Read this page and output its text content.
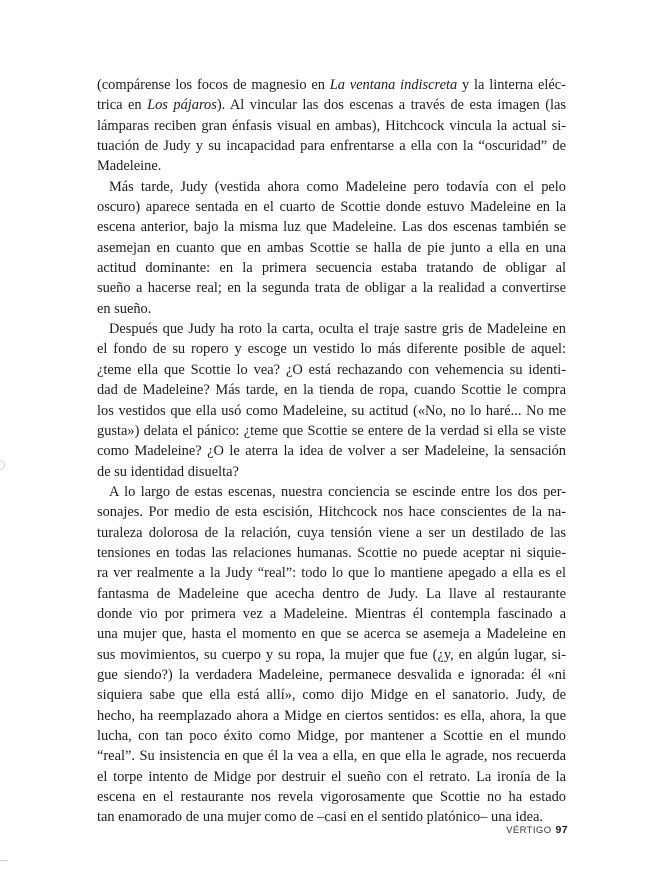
(compárense los focos de magnesio en La ventana indiscreta y la linterna eléc-
trica en Los pájaros). Al vincular las dos escenas a través de esta imagen (las
lámparas reciben gran énfasis visual en ambas), Hitchcock vincula la actual si-
tuación de Judy y su incapacidad para enfrentarse a ella con la “oscuridad” de
Madeleine.

Más tarde, Judy (vestida ahora como Madeleine pero todavía con el pelo
oscuro) aparece sentada en el cuarto de Scottie donde estuvo Madeleine en la
escena anterior, bajo la misma luz que Madeleine. Las dos escenas también se
asemejan en cuanto que en ambas Scottie se halla de pie junto a ella en una
actitud dominante: en la primera secuencia estaba tratando de obligar al
sueño a hacerse real; en la segunda trata de obligar a la realidad a convertirse
en sueño.

Después que Judy ha roto la carta, oculta el traje sastre gris de Madeleine en
el fondo de su ropero y escoge un vestido lo más diferente posible de aquel:
¿teme ella que Scottie lo vea? ¿O está rechazando con vehemencia su identi-
dad de Madeleine? Más tarde, en la tienda de ropa, cuando Scottie le compra
los vestidos que ella usó como Madeleine, su actitud («No, no lo haré... No me
gusta») delata el pánico: ¿teme que Scottie se entere de la verdad si ella se viste
como Madeleine? ¿O le aterra la idea de volver a ser Madeleine, la sensación
de su identidad disuelta?

A lo largo de estas escenas, nuestra conciencia se escinde entre los dos per-
sonajes. Por medio de esta escisión, Hitchcock nos hace conscientes de la na-
turaleza dolorosa de la relación, cuya tensión viene a ser un destilado de las
tensiones en todas las relaciones humanas. Scottie no puede aceptar ni siquie-
ra ver realmente a la Judy “real”: todo lo que lo mantiene apegado a ella es el
fantasma de Madeleine que acecha dentro de Judy. La llave al restaurante
donde vio por primera vez a Madeleine. Mientras él contempla fascinado a
una mujer que, hasta el momento en que se acerca se asemeja a Madeleine en
sus movimientos, su cuerpo y su ropa, la mujer que fue (¿y, en algún lugar, si-
gue siendo?) la verdadera Madeleine, permanece desvalida e ignorada: él «ni
siquiera sabe que ella está allí», como dijo Midge en el sanatorio. Judy, de
hecho, ha reemplazado ahora a Midge en ciertos sentidos: es ella, ahora, la que
lucha, con tan poco éxito como Midge, por mantener a Scottie en el mundo
“real”. Su insistencia en que él la vea a ella, en que ella le agrade, nos recuerda
el torpe intento de Midge por destruir el sueño con el retrato. La ironía de la
escena en el restaurante nos revela vigorosamente que Scottie no ha estado
tan enamorado de una mujer como de –casi en el sentido platónico– una idea.

VÉRTIGO 97
